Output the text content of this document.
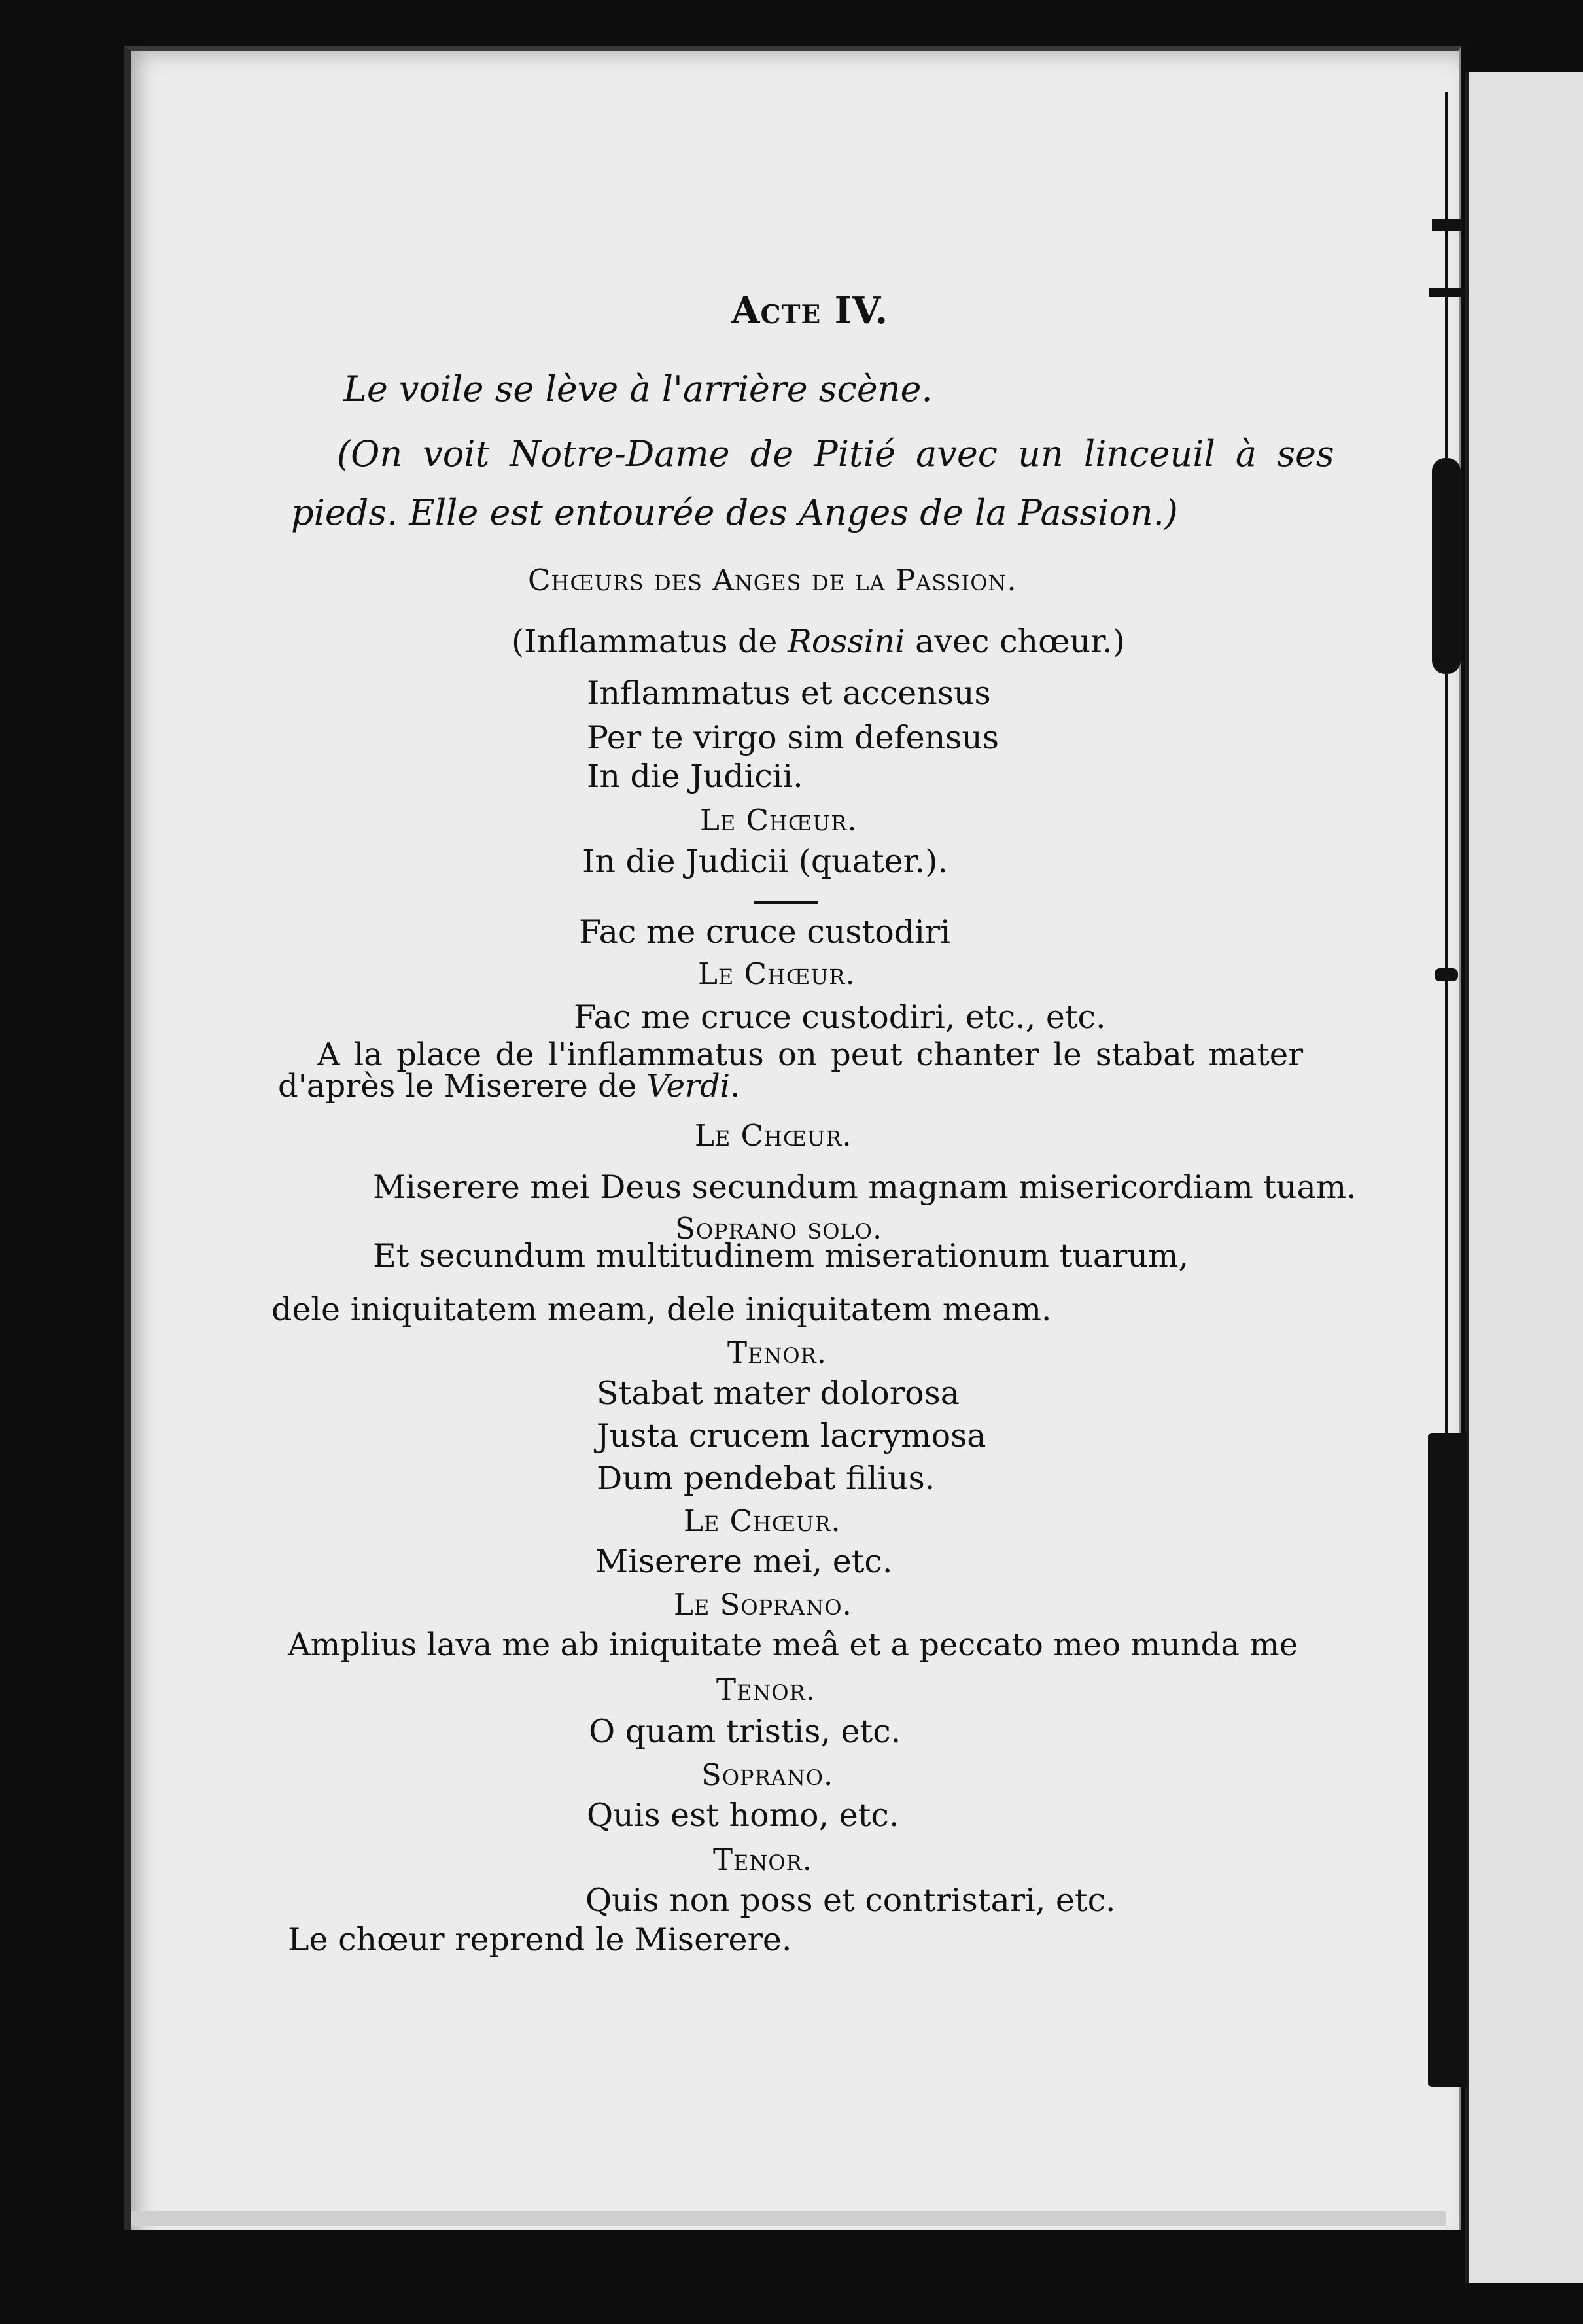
Acte IV.
Le voile se lève à l'arrière scène.
(On voit Notre-Dame de Pitié avec un linceuil à ses
pieds. Elle est entourée des Anges de la Passion.)
Chœurs des Anges de la Passion.
(Inflammatus de Rossini avec chœur.)
Inflammatus et accensus
Per te virgo sim defensus
In die Judicii.
Le Chœur.
In die Judicii (quater.).
Fac me cruce custodiri
Le Chœur.
Fac me cruce custodiri, etc., etc.
A la place de l'inflammatus on peut chanter le stabat mater
d'après le Miserere de Verdi.
Le Chœur.
Miserere mei Deus secundum magnam misericordiam tuam.
Soprano solo.
Et secundum multitudinem miserationum tuarum,
dele iniquitatem meam, dele iniquitatem meam.
Tenor.
Stabat mater dolorosa
Justa crucem lacrymosa
Dum pendebat filius.
Le Chœur.
Miserere mei, etc.
Le Soprano.
Amplius lava me ab iniquitate meâ et a peccato meo munda me
Tenor.
O quam tristis, etc.
Soprano.
Quis est homo, etc.
Tenor.
Quis non poss et contristari, etc.
Le chœur reprend le Miserere.
